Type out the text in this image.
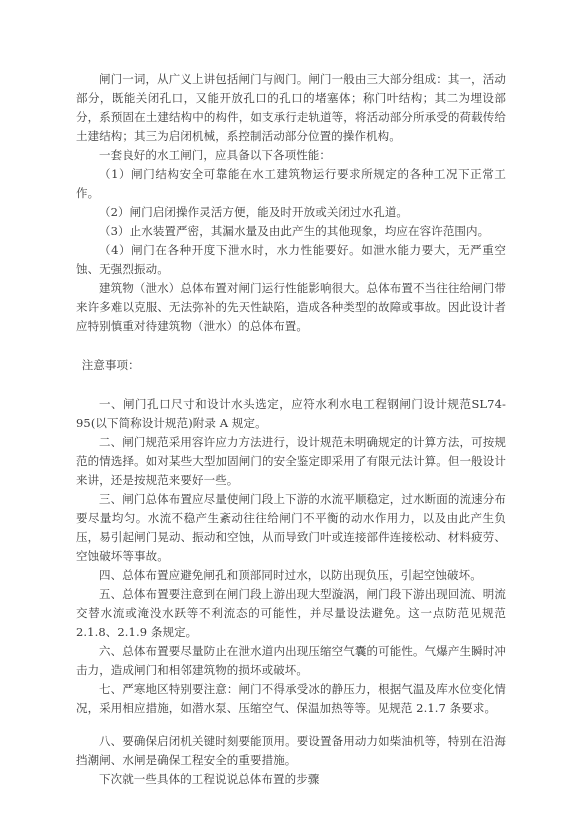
闸门一词，从广义上讲包括闸门与阀门。闸门一般由三大部分组成：其一，活动部分，既能关闭孔口，又能开放孔口的孔口的堵塞体；称门叶结构；其二为埋设部分，系预固在土建结构中的构件，如支承行走轨道等，将活动部分所承受的荷载传给土建结构；其三为启闭机械，系控制活动部分位置的操作机构。

一套良好的水工闸门，应具备以下各项性能：

（1）闸门结构安全可靠能在水工建筑物运行要求所规定的各种工况下正常工作。

（2）闸门启闭操作灵活方便，能及时开放或关闭过水孔道。

（3）止水装置严密，其漏水量及由此产生的其他现象，均应在容许范围内。

（4）闸门在各种开度下泄水时，水力性能要好。如泄水能力要大，无严重空蚀、无强烈振动。

建筑物（泄水）总体布置对闸门运行性能影响很大。总体布置不当往往给闸门带来许多难以克服、无法弥补的先天性缺陷，造成各种类型的故障或事故。因此设计者应特别慎重对待建筑物（泄水）的总体布置。

注意事项：

一、闸门孔口尺寸和设计水头选定，应符水利水电工程钢闸门设计规范SL74-95(以下简称设计规范)附录 A 规定。

二、闸门规范采用容许应力方法进行，设计规范未明确规定的计算方法，可按规范的情选择。如对某些大型加固闸门的安全鉴定即采用了有限元法计算。但一般设计来讲，还是按规范来要好一些。

三、闸门总体布置应尽量使闸门段上下游的水流平顺稳定，过水断面的流速分布要尽量均匀。水流不稳产生紊动往往给闸门不平衡的动水作用力，以及由此产生负压，易引起闸门晃动、振动和空蚀，从而导致门叶或连接部件连接松动、材料疲劳、空蚀破坏等事故。

四、总体布置应避免闸孔和顶部同时过水，以防出现负压，引起空蚀破坏。

五、总体布置要注意到在闸门段上游出现大型漩涡，闸门段下游出现回流、明流交替水流或淹没水跃等不利流态的可能性，并尽量设法避免。这一点防范见规范 2.1.8、2.1.9 条规定。

六、总体布置要尽量防止在泄水道内出现压缩空气囊的可能性。气爆产生瞬时冲击力，造成闸门和相邻建筑物的损坏或破坏。

七、严寒地区特别要注意：闸门不得承受冰的静压力，根据气温及库水位变化情况，采用相应措施，如潜水泵、压缩空气、保温加热等等。见规范 2.1.7 条要求。

八、要确保启闭机关键时刻要能顶用。要设置备用动力如柴油机等，特别在沿海挡潮闸、水闸是确保工程安全的重要措施。

下次就一些具体的工程说说总体布置的步骤
